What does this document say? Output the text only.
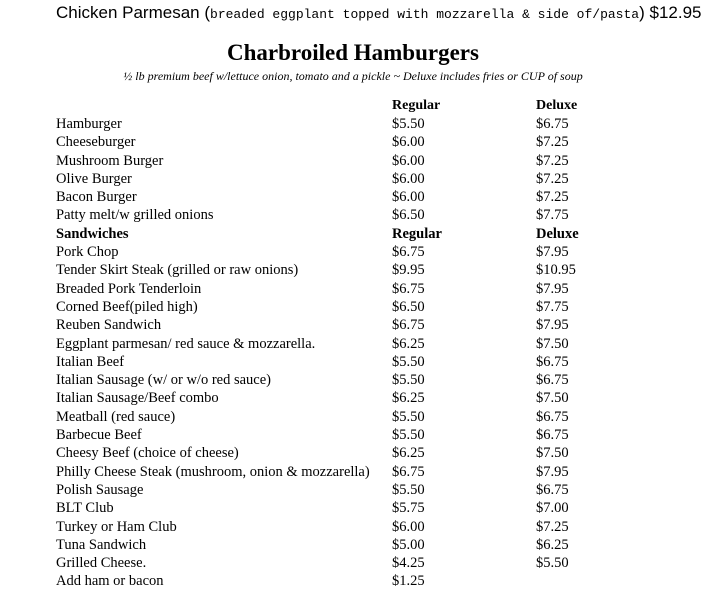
Chicken Parmesan (breaded eggplant topped with mozzarella & side of/pasta) $12.95
Charbroiled Hamburgers
½ lb premium beef w/lettuce onion, tomato and a pickle ~ Deluxe includes fries or CUP of soup
Regular	Deluxe
Hamburger	$5.50	$6.75
Cheeseburger	$6.00	$7.25
Mushroom Burger	$6.00	$7.25
Olive Burger	$6.00	$7.25
Bacon Burger	$6.00	$7.25
Patty melt/w grilled onions	$6.50	$7.75
Sandwiches	Regular	Deluxe
Pork Chop	$6.75	$7.95
Tender Skirt Steak (grilled or raw onions)	$9.95	$10.95
Breaded Pork Tenderloin	$6.75	$7.95
Corned Beef(piled high)	$6.50	$7.75
Reuben Sandwich	$6.75	$7.95
Eggplant parmesan/ red sauce & mozzarella.	$6.25	$7.50
Italian Beef	$5.50	$6.75
Italian Sausage (w/ or w/o red sauce)	$5.50	$6.75
Italian Sausage/Beef combo	$6.25	$7.50
Meatball (red sauce)	$5.50	$6.75
Barbecue Beef	$5.50	$6.75
Cheesy Beef (choice of cheese)	$6.25	$7.50
Philly Cheese Steak (mushroom, onion & mozzarella) $6.75	$7.95
Polish Sausage	$5.50	$6.75
BLT Club	$5.75	$7.00
Turkey or Ham Club	$6.00	$7.25
Tuna Sandwich	$5.00	$6.25
Grilled Cheese.	$4.25	$5.50
Add ham or bacon	$1.25
